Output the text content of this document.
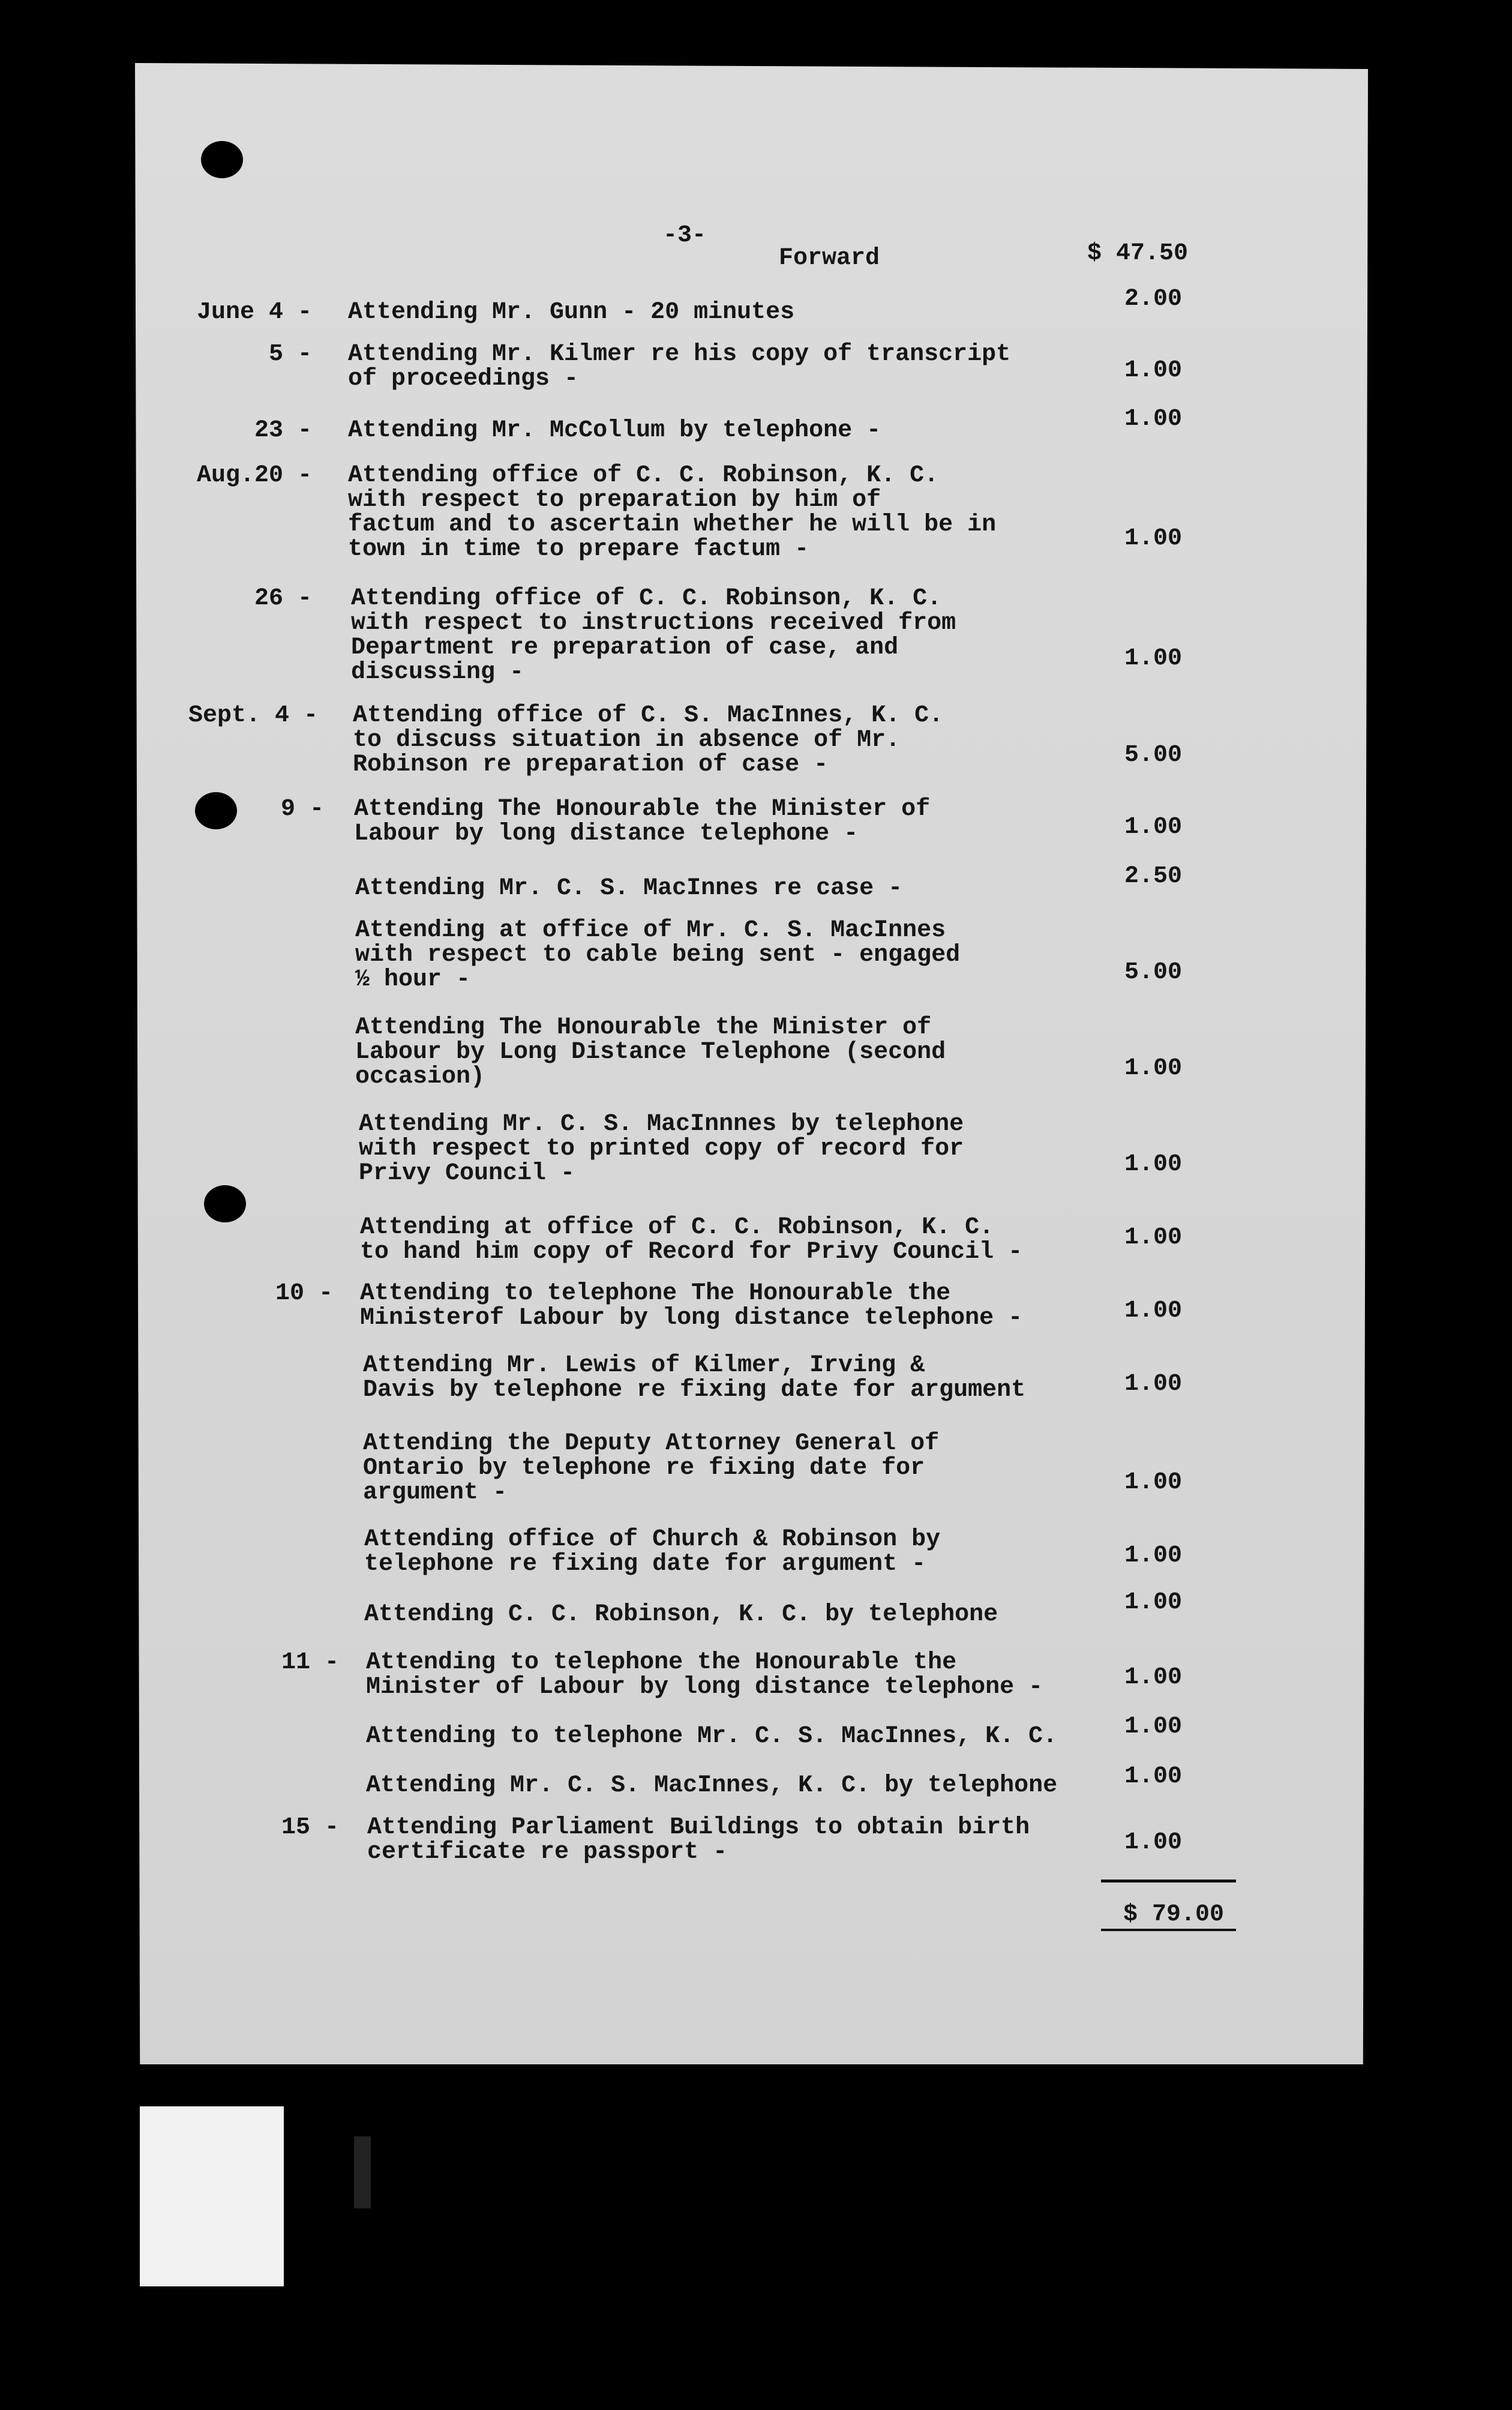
-3-
Forward	$ 47.50
June 4 - Attending Mr. Gunn - 20 minutes	2.00
5 - Attending Mr. Kilmer re his copy of transcript
of proceedings -	1.00
23 - Attending Mr. McCollum by telephone -	1.00
Aug.20 - Attending office of C. C. Robinson, K. C.
with respect to preparation by him of
factum and to ascertain whether he will be in
town in time to prepare factum -	1.00
26 - Attending office of C. C. Robinson, K. C.
with respect to instructions received from
Department re preparation of case, and
discussing -
1.00
Sept. 4 - Attending office of C. S. MacInnes, K. C.
to discuss situation in absence of Mr.
Robinson re preparation of case -	5.00
9 - Attending The Honourable the Minister of
Labour by long distance telephone -	1.00
Attending Mr. C. S. MacInnes re case -	2.50
Attending at office of Mr. C. S. MacInnes
with respect to cable being sent - engaged
½ hour -	5.00
Attending The Honourable the Minister of
Labour by Long Distance Telephone (second
occasion)	1.00
Attending Mr. C. S. MacInnnes by telephone
with respect to printed copy of record for
Privy Council -	1.00
Attending at office of C. C. Robinson, K. C.
to hand him copy of Record for Privy Council -
1.00
10 - Attending to telephone The Honourable the
Ministerof Labour by long distance telephone -	1.00
Attending Mr. Lewis of Kilmer, Irving &
Davis by telephone re fixing date for argument	1.00
Attending the Deputy Attorney General of
Ontario by telephone re fixing date for
argument -	1.00
Attending office of Church & Robinson by
telephone re fixing date for argument -	1.00
Attending C. C. Robinson, K. C. by telephone	1.00
11 - Attending to telephone the Honourable the
Minister of Labour by long distance telephone -	1.00
Attending to telephone Mr. C. S. MacInnes, K. C.	1.00
Attending Mr. C. S. MacInnes, K. C. by telephone	1.00
15 - Attending Parliament Buildings to obtain birth
certificate re passport -	1.00
$ 79.00
